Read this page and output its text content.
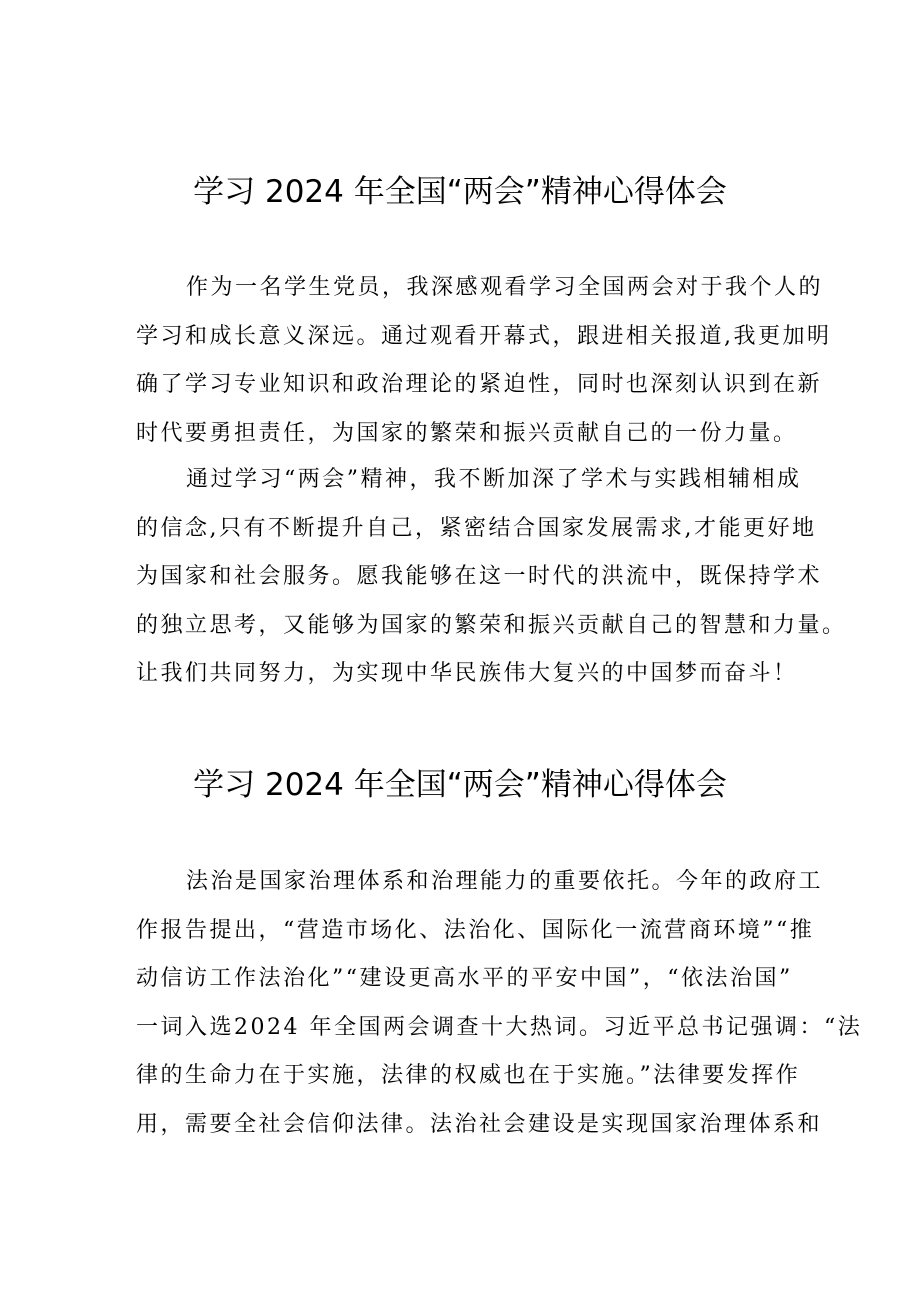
学习 2024 年全国“两会”精神心得体会
作为一名学生党员，我深感观看学习全国两会对于我个人的
学习和成长意义深远。通过观看开幕式，跟进相关报道,我更加明
确了学习专业知识和政治理论的紧迫性，同时也深刻认识到在新
时代要勇担责任，为国家的繁荣和振兴贡献自己的一份力量。
通过学习“两会”精神，我不断加深了学术与实践相辅相成
的信念,只有不断提升自己，紧密结合国家发展需求,才能更好地
为国家和社会服务。愿我能够在这一时代的洪流中，既保持学术
的独立思考，又能够为国家的繁荣和振兴贡献自己的智慧和力量。
让我们共同努力，为实现中华民族伟大复兴的中国梦而奋斗！
学习 2024 年全国“两会”精神心得体会
法治是国家治理体系和治理能力的重要依托。今年的政府工
作报告提出，“营造市场化、法治化、国际化一流营商环境”“推
动信访工作法治化”“建设更高水平的平安中国”，“依法治国”
一词入选2024 年全国两会调查十大热词。习近平总书记强调：“法
律的生命力在于实施，法律的权威也在于实施。”法律要发挥作
用，需要全社会信仰法律。法治社会建设是实现国家治理体系和
